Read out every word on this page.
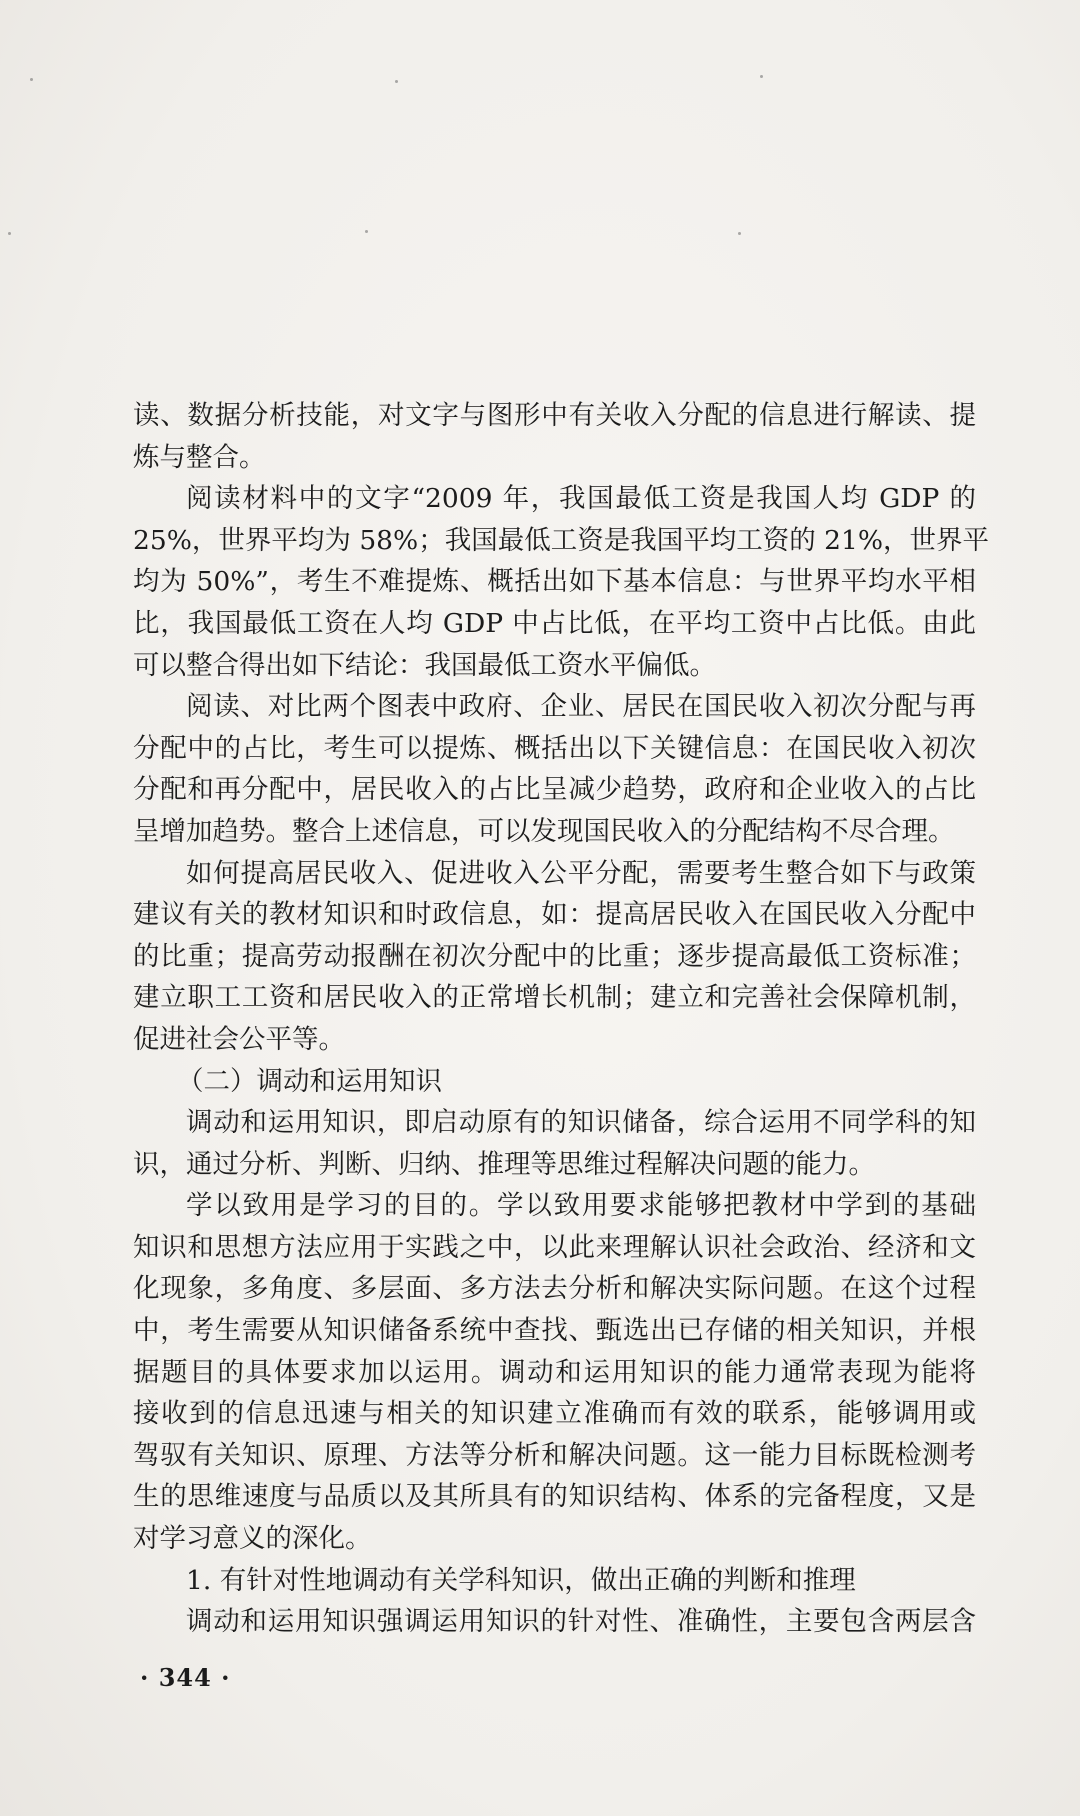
读、数据分析技能，对文字与图形中有关收入分配的信息进行解读、提
炼与整合。
阅读材料中的文字“2009 年，我国最低工资是我国人均 GDP 的
25%，世界平均为 58%；我国最低工资是我国平均工资的 21%，世界平
均为 50%”，考生不难提炼、概括出如下基本信息：与世界平均水平相
比，我国最低工资在人均 GDP 中占比低，在平均工资中占比低。由此
可以整合得出如下结论：我国最低工资水平偏低。
阅读、对比两个图表中政府、企业、居民在国民收入初次分配与再
分配中的占比，考生可以提炼、概括出以下关键信息：在国民收入初次
分配和再分配中，居民收入的占比呈减少趋势，政府和企业收入的占比
呈增加趋势。整合上述信息，可以发现国民收入的分配结构不尽合理。
如何提高居民收入、促进收入公平分配，需要考生整合如下与政策
建议有关的教材知识和时政信息，如：提高居民收入在国民收入分配中
的比重；提高劳动报酬在初次分配中的比重；逐步提高最低工资标准；
建立职工工资和居民收入的正常增长机制；建立和完善社会保障机制，
促进社会公平等。
（二）调动和运用知识
调动和运用知识，即启动原有的知识储备，综合运用不同学科的知
识，通过分析、判断、归纳、推理等思维过程解决问题的能力。
学以致用是学习的目的。学以致用要求能够把教材中学到的基础
知识和思想方法应用于实践之中，以此来理解认识社会政治、经济和文
化现象，多角度、多层面、多方法去分析和解决实际问题。在这个过程
中，考生需要从知识储备系统中查找、甄选出已存储的相关知识，并根
据题目的具体要求加以运用。调动和运用知识的能力通常表现为能将
接收到的信息迅速与相关的知识建立准确而有效的联系，能够调用或
驾驭有关知识、原理、方法等分析和解决问题。这一能力目标既检测考
生的思维速度与品质以及其所具有的知识结构、体系的完备程度，又是
对学习意义的深化。
1. 有针对性地调动有关学科知识，做出正确的判断和推理
调动和运用知识强调运用知识的针对性、准确性，主要包含两层含
· 344 ·
